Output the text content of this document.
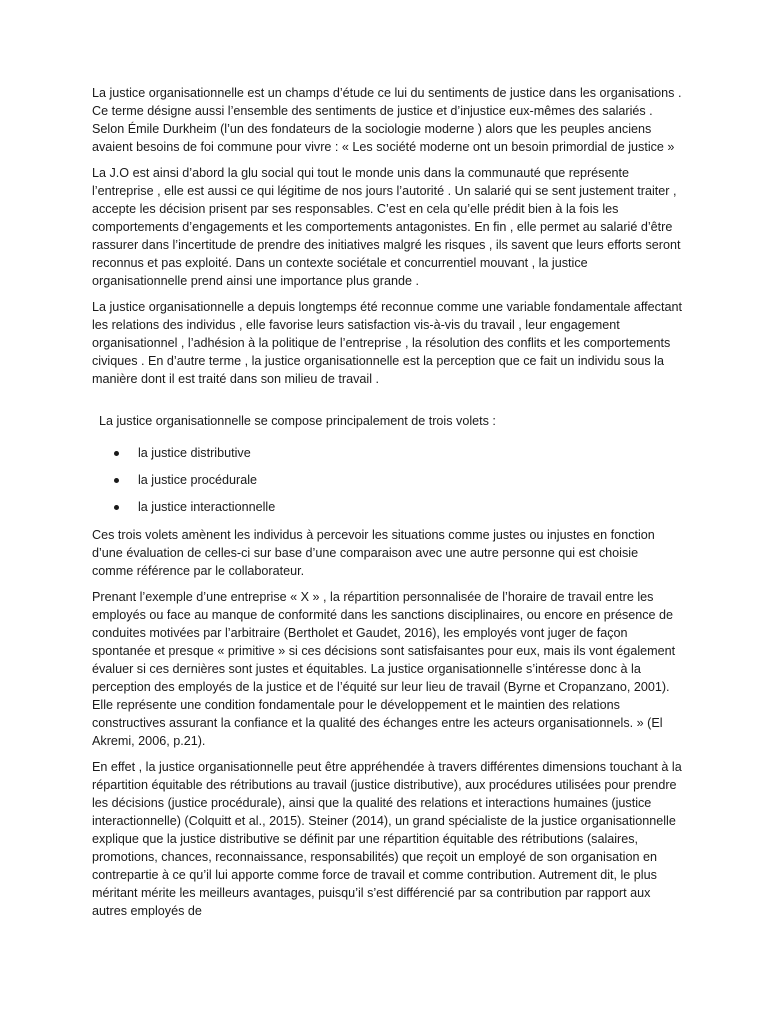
La justice organisationnelle est un champs d’étude ce lui du sentiments de justice dans les organisations . Ce terme désigne aussi l’ensemble des sentiments de justice et d’injustice eux-mêmes des salariés . Selon Émile Durkheim (l’un des fondateurs de la sociologie moderne ) alors que les peuples anciens avaient besoins de foi commune pour vivre : « Les société moderne ont un besoin primordial de justice »

La J.O est ainsi d’abord la glu social qui tout le monde unis dans la communauté que représente l’entreprise , elle est aussi ce qui légitime de nos jours l’autorité . Un salarié qui se sent justement traiter , accepte les décision prisent par ses responsables. C’est en cela qu’elle prédit bien à la fois les comportements d’engagements et les comportements antagonistes. En fin , elle permet au salarié d’être rassurer dans l’incertitude de prendre des initiatives malgré les risques , ils savent que leurs efforts seront reconnus et pas exploité. Dans un contexte sociétale et concurrentiel mouvant , la justice organisationnelle prend ainsi une importance plus grande .

La justice organisationnelle a depuis longtemps été reconnue comme une variable fondamentale affectant les relations des individus , elle favorise leurs satisfaction vis-à-vis du travail , leur engagement organisationnel , l’adhésion à la politique de l’entreprise , la résolution des conflits et les comportements civiques . En d’autre terme , la justice organisationnelle est la perception que ce fait un individu sous la manière dont il est traité dans son milieu de travail .

La justice organisationnelle se compose principalement de trois volets :

la justice distributive
la justice procédurale
la justice interactionnelle

Ces trois volets amènent les individus à percevoir les situations comme justes ou injustes en fonction d’une évaluation de celles-ci sur base d’une comparaison avec une autre personne qui est choisie comme référence par le collaborateur.

Prenant l’exemple d’une entreprise « X » , la répartition personnalisée de l’horaire de travail entre les employés ou face au manque de conformité dans les sanctions disciplinaires, ou encore en présence de conduites motivées par l’arbitraire (Bertholet et Gaudet, 2016), les employés vont juger de façon spontanée et presque « primitive » si ces décisions sont satisfaisantes pour eux, mais ils vont également évaluer si ces dernières sont justes et équitables. La justice organisationnelle s’intéresse donc à la perception des employés de la justice et de l’équité sur leur lieu de travail (Byrne et Cropanzano, 2001). Elle représente une condition fondamentale pour le développement et le maintien des relations constructives assurant la confiance et la qualité des échanges entre les acteurs organisationnels. » (El Akremi, 2006, p.21).

En effet , la justice organisationnelle peut être appréhendée à travers différentes dimensions touchant à la répartition équitable des rétributions au travail (justice distributive), aux procédures utilisées pour prendre les décisions (justice procédurale), ainsi que la qualité des relations et interactions humaines (justice interactionnelle) (Colquitt et al., 2015). Steiner (2014), un grand spécialiste de la justice organisationnelle explique que la justice distributive se définit par une répartition équitable des rétributions (salaires, promotions, chances, reconnaissance, responsabilités) que reçoit un employé de son organisation en contrepartie à ce qu’il lui apporte comme force de travail et comme contribution. Autrement dit, le plus méritant mérite les meilleurs avantages, puisqu’il s’est différencié par sa contribution par rapport aux autres employés de
